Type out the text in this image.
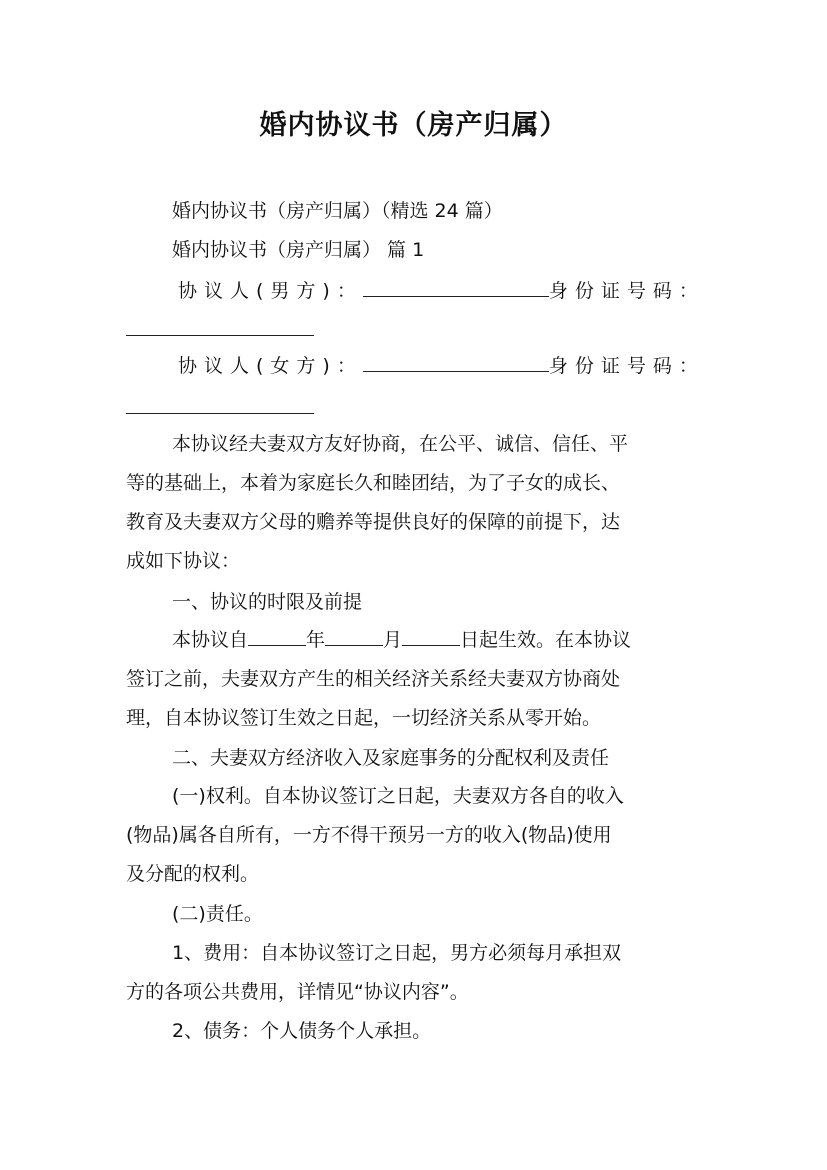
婚内协议书（房产归属）
婚内协议书（房产归属）（精选 24 篇）
婚内协议书（房产归属） 篇 1
协议人(男方)：	身份证号码：
协议人(女方)：	身份证号码：
本协议经夫妻双方友好协商，在公平、诚信、信任、平
等的基础上，本着为家庭长久和睦团结，为了子女的成长、
教育及夫妻双方父母的赡养等提供良好的保障的前提下，达
成如下协议：
一、协议的时限及前提
本协议自	年	月	日起生效。在本协议
签订之前，夫妻双方产生的相关经济关系经夫妻双方协商处
理，自本协议签订生效之日起，一切经济关系从零开始。
二、夫妻双方经济收入及家庭事务的分配权利及责任
(一)权利。自本协议签订之日起，夫妻双方各自的收入
(物品)属各自所有，一方不得干预另一方的收入(物品)使用
及分配的权利。
(二)责任。
1、费用：自本协议签订之日起，男方必须每月承担双
方的各项公共费用，详情见“协议内容”。
2、债务：个人债务个人承担。
